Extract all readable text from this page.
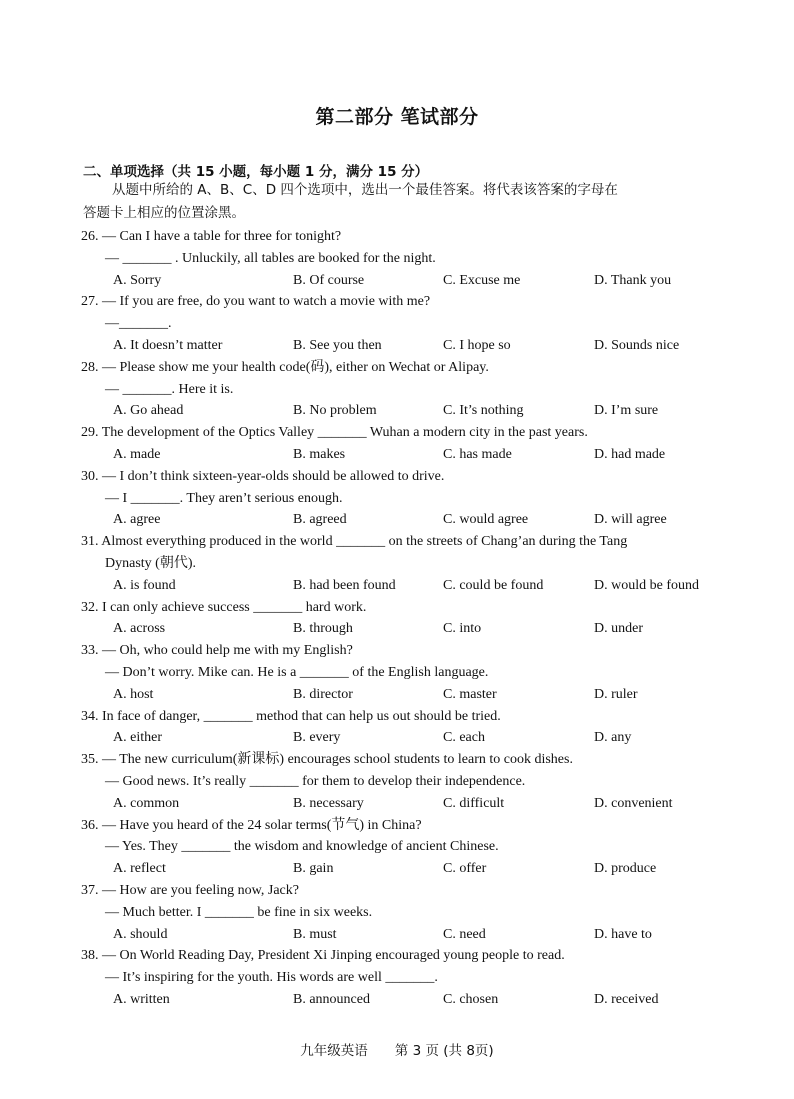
第二部分 笔试部分
二、单项选择（共 15 小题，每小题 1 分，满分 15 分）
从题中所给的 A、B、C、D 四个选项中，选出一个最佳答案。将代表该答案的字母在
答题卡上相应的位置涂黑。
26. — Can I have a table for three for tonight?
— _______ . Unluckily, all tables are booked for the night.
A. Sorry	B. Of course	C. Excuse me	D. Thank you
27. — If you are free, do you want to watch a movie with me?
—_______.
A. It doesn’t matter	B. See you then	C. I hope so	D. Sounds nice
28. — Please show me your health code(码), either on Wechat or Alipay.
— _______. Here it is.
A. Go ahead	B. No problem	C. It’s nothing	D. I’m sure
29. The development of the Optics Valley _______ Wuhan a modern city in the past years.
A. made	B. makes	C. has made	D. had made
30. — I don’t think sixteen-year-olds should be allowed to drive.
— I _______. They aren’t serious enough.
A. agree	B. agreed	C. would agree	D. will agree
31. Almost everything produced in the world _______ on the streets of Chang’an during the Tang
Dynasty (朝代).
A. is found	B. had been found	C. could be found	D. would be found
32. I can only achieve success _______ hard work.
A. across	B. through	C. into	D. under
33. — Oh, who could help me with my English?
— Don’t worry. Mike can. He is a _______ of the English language.
A. host	B. director	C. master	D. ruler
34. In face of danger, _______ method that can help us out should be tried.
A. either	B. every	C. each	D. any
35. — The new curriculum(新课标) encourages school students to learn to cook dishes.
— Good news. It’s really _______ for them to develop their independence.
A. common	B. necessary	C. difficult	D. convenient
36. — Have you heard of the 24 solar terms(节气) in China?
— Yes. They _______ the wisdom and knowledge of ancient Chinese.
A. reflect	B. gain	C. offer	D. produce
37. — How are you feeling now, Jack?
— Much better. I _______ be fine in six weeks.
A. should	B. must	C. need	D. have to
38. — On World Reading Day, President Xi Jinping encouraged young people to read.
— It’s inspiring for the youth. His words are well _______.
A. written	B. announced	C. chosen	D. received
九年级英语　　第 3 页 (共 8页)
